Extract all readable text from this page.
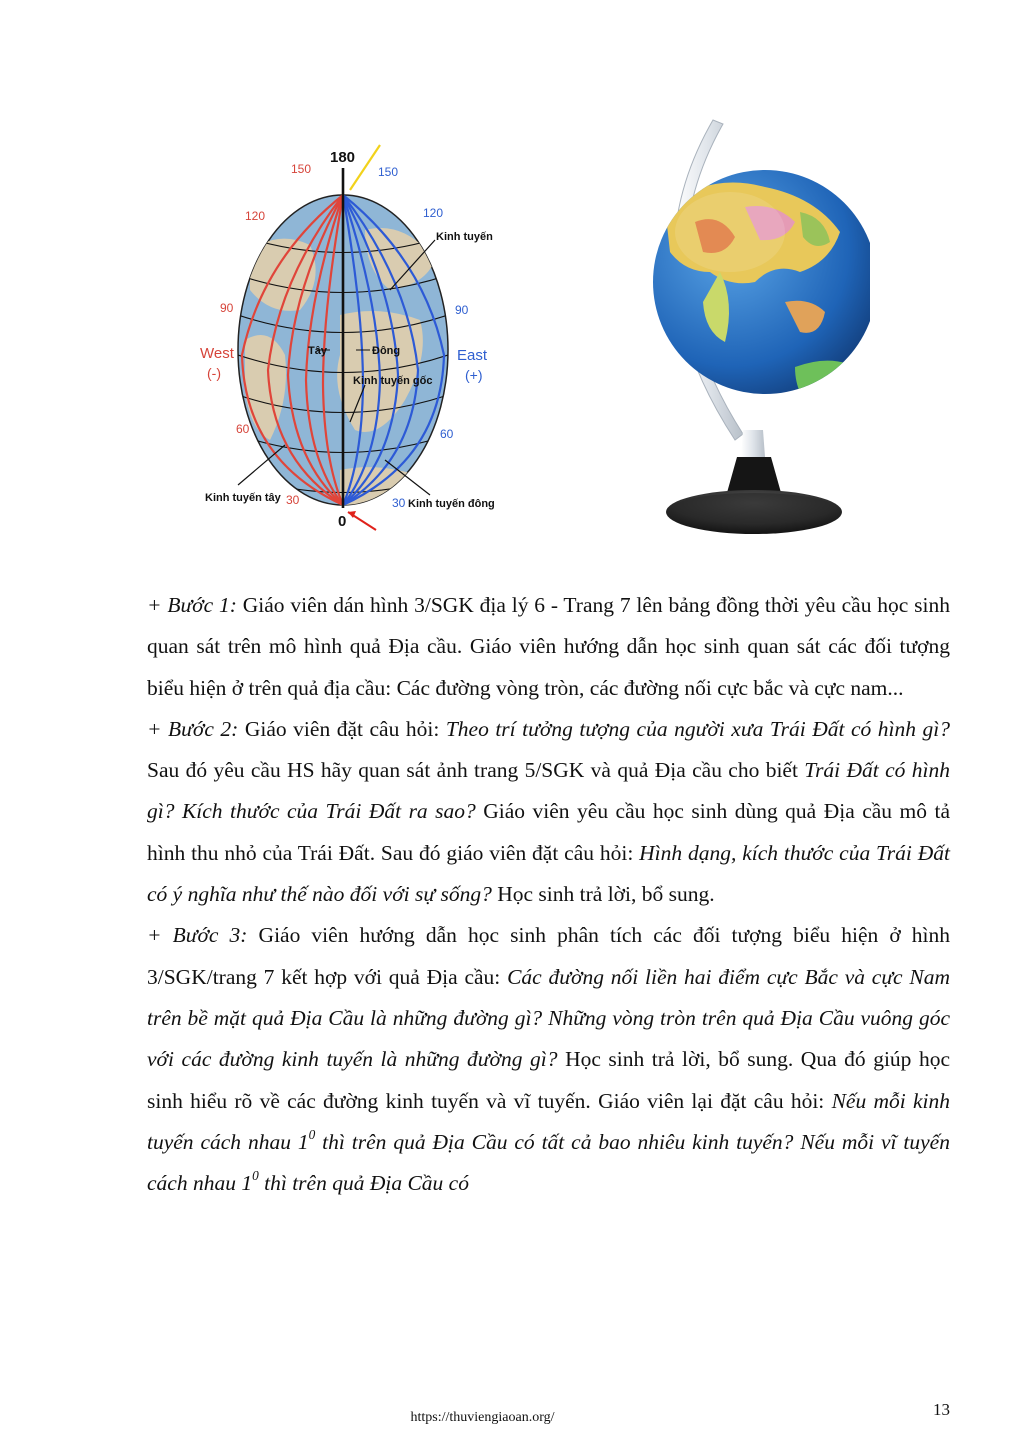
180
0
150
120
90
60
30
150
120
90
60
30
West
(-)
East
(+)
Tây	Đông
Kinh tuyến
Kinh tuyến gốc
Kinh tuyến tây	Kinh tuyến đông

+ Bước 1: Giáo viên dán hình 3/SGK địa lý 6 - Trang 7 lên bảng đồng thời yêu cầu học sinh quan sát trên mô hình quả Địa cầu. Giáo viên hướng dẫn học sinh quan sát các đối tượng biểu hiện ở trên quả địa cầu: Các đường vòng tròn, các đường nối cực bắc và cực nam...

+ Bước 2: Giáo viên đặt câu hỏi: Theo trí tưởng tượng của người xưa Trái Đất có hình gì? Sau đó yêu cầu HS hãy quan sát ảnh trang 5/SGK và quả Địa cầu cho biết Trái Đất có hình gì? Kích thước của Trái Đất ra sao? Giáo viên yêu cầu học sinh dùng quả Địa cầu mô tả hình thu nhỏ của Trái Đất. Sau đó giáo viên đặt câu hỏi: Hình dạng, kích thước của Trái Đất có ý nghĩa như thế nào đối với sự sống? Học sinh trả lời, bổ sung.

+ Bước 3: Giáo viên hướng dẫn học sinh phân tích các đối tượng biểu hiện ở hình 3/SGK/trang 7 kết hợp với quả Địa cầu: Các đường nối liền hai điểm cực Bắc và cực Nam trên bề mặt quả Địa Cầu là những đường gì? Những vòng tròn trên quả Địa Cầu vuông góc với các đường kinh tuyến là những đường gì? Học sinh trả lời, bổ sung. Qua đó giúp học sinh hiểu rõ về các đường kinh tuyến và vĩ tuyến. Giáo viên lại đặt câu hỏi: Nếu mỗi kinh tuyến cách nhau $1^0$ thì trên quả Địa Cầu có tất cả bao nhiêu kinh tuyến? Nếu mỗi vĩ tuyến cách nhau $1^0$ thì trên quả Địa Cầu có

https://thuviengiaoan.org/	13
